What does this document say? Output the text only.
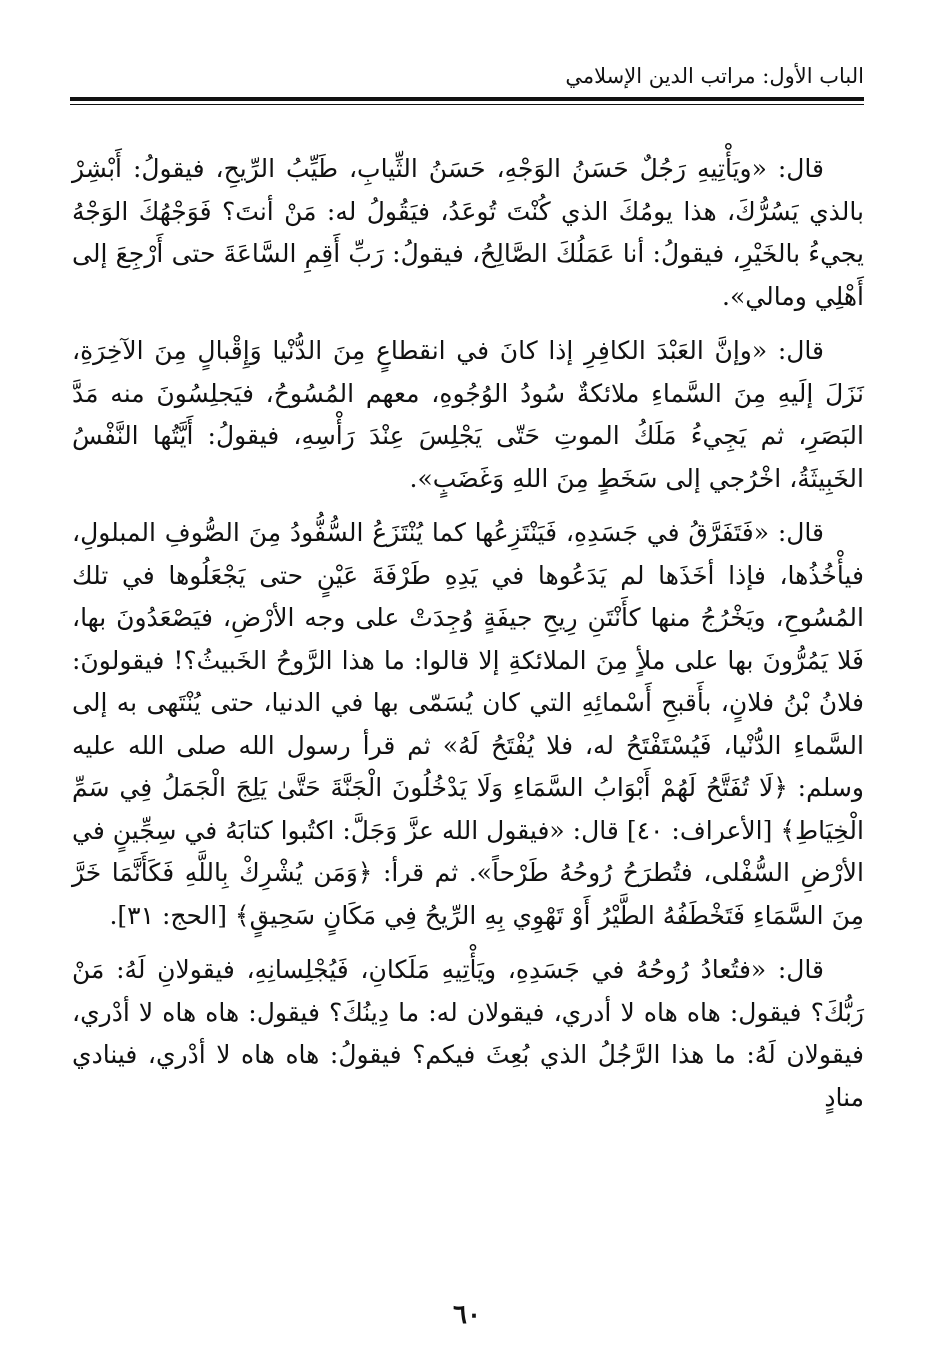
الباب الأول: مراتب الدين الإسلامي

قال: «ويَأْتِيهِ رَجُلٌ حَسَنُ الوَجْهِ، حَسَنُ الثِّيابِ، طَيِّبُ الرِّيحِ، فيقولُ: أَبْشِرْ بالذي يَسُرُّكَ، هذا يومُكَ الذي كُنْتَ تُوعَدُ، فيَقُولُ له: مَنْ أنتَ؟ فَوَجْهُكَ الوَجْهُ يجيءُ بالخَيْرِ، فيقولُ: أنا عَمَلُكَ الصَّالِحُ، فيقولُ: رَبِّ أَقِمِ السَّاعَةَ حتى أَرْجِعَ إلى أَهْلِي ومالي».

قال: «وإنَّ العَبْدَ الكافِرِ إذا كانَ في انقطاعٍ مِنَ الدُّنْيا وَإِقْبالٍ مِنَ الآخِرَةِ، نَزَلَ إلَيهِ مِنَ السَّماءِ ملائكةٌ سُودُ الوُجُوهِ، معهم المُسُوحُ، فيَجلِسُونَ منه مَدَّ البَصَرِ، ثم يَجِيءُ مَلَكُ الموتِ حَتّى يَجْلِسَ عِنْدَ رَأْسِهِ، فيقولُ: أَيَّتُها النَّفْسُ الخَبِيثَةُ، اخْرُجي إلى سَخَطٍ مِنَ اللهِ وَغَضَبٍ».

قال: «فَتَفَرَّقُ في جَسَدِهِ، فَيَنْتَزِعُها كما يُنْتَزَعُ السُّفُّودُ مِنَ الصُّوفِ المبلولِ، فيأْخُذُها، فإذا أخَذَها لم يَدَعُوها في يَدِهِ طَرْفَةَ عَيْنٍ حتى يَجْعَلُوها في تلك المُسُوحِ، ويَخْرُجُ منها كأَنْتَنِ رِيحِ جيفَةٍ وُجِدَتْ على وجه الأرْضِ، فيَصْعَدُونَ بها، فَلا يَمُرُّونَ بها على ملأٍ مِنَ الملائكةِ إلا قالوا: ما هذا الرَّوحُ الخَبيثُ؟! فيقولونَ: فلانُ بْنُ فلانٍ، بأَقبحِ أَسْمائِهِ التي كان يُسَمّى بها في الدنيا، حتى يُنْتَهى به إلى السَّماءِ الدُّنْيا، فَيُسْتَفْتَحُ له، فلا يُفْتَحُ لَهُ» ثم قرأ رسول الله صلى الله عليه وسلم: ﴿لَا تُفَتَّحُ لَهُمْ أَبْوَابُ السَّمَاءِ وَلَا يَدْخُلُونَ الْجَنَّةَ حَتَّىٰ يَلِجَ الْجَمَلُ فِي سَمِّ الْخِيَاطِ﴾ [الأعراف: ٤٠] قال: «فيقول الله عزَّ وَجَلَّ: اكتُبوا كتابَهُ في سِجِّينٍ في الأرْضِ السُّفْلى، فتُطرَحُ رُوحُهُ طَرْحاً». ثم قرأ: ﴿وَمَن يُشْرِكْ بِاللَّهِ فَكَأَنَّمَا خَرَّ مِنَ السَّمَاءِ فَتَخْطَفُهُ الطَّيْرُ أَوْ تَهْوِي بِهِ الرِّيحُ فِي مَكَانٍ سَحِيقٍ﴾ [الحج: ٣١].

قال: «فتُعادُ رُوحُهُ في جَسَدِهِ، ويَأْتِيهِ مَلَكانِ، فَيُجْلِسانِهِ، فيقولانِ لَهُ: مَنْ رَبُّكَ؟ فيقول: هاه هاه لا أدري، فيقولان له: ما دِينُكَ؟ فيقول: هاه هاه لا أدْري، فيقولان لَهُ: ما هذا الرَّجُلُ الذي بُعِثَ فيكم؟ فيقولُ: هاه هاه لا أدْري، فينادي منادٍ

٦٠
